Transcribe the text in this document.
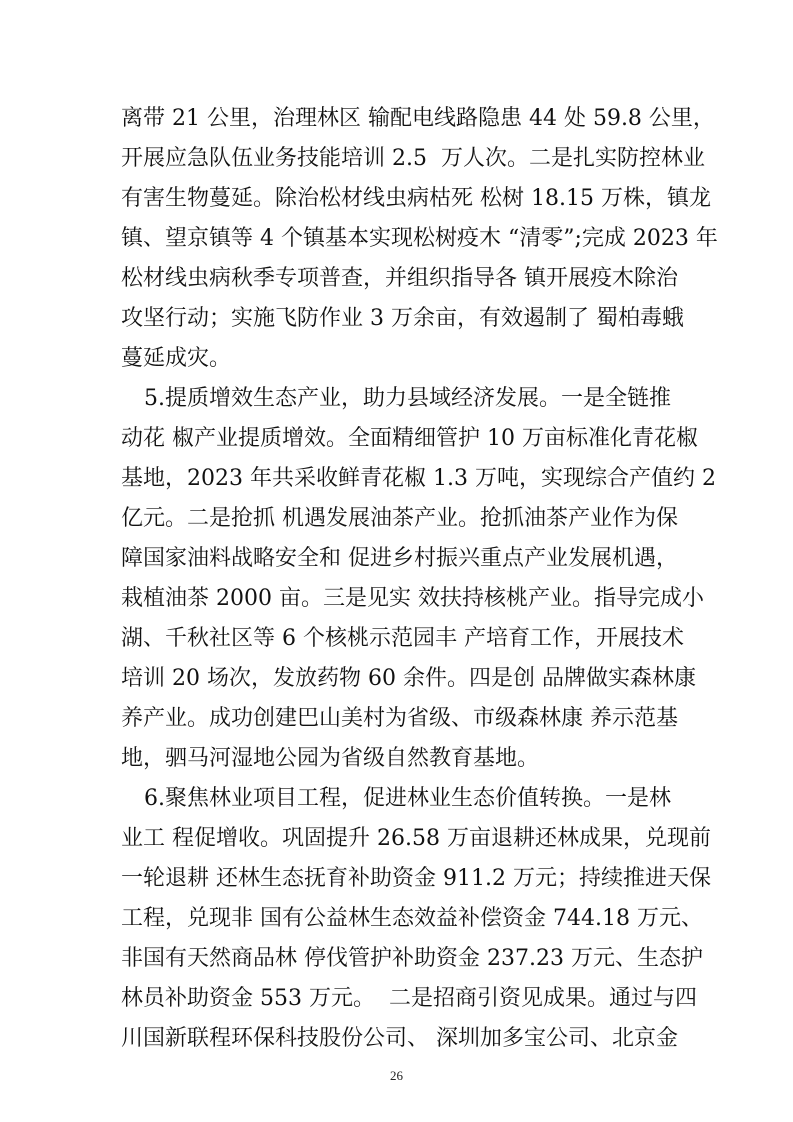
离带 21 公里，治理林区 输配电线路隐患 44 处 59.8 公里，
开展应急队伍业务技能培训 2.5  万人次。二是扎实防控林业
有害生物蔓延。除治松材线虫病枯死 松树 18.15 万株，镇龙
镇、望京镇等 4 个镇基本实现松树疫木 “清零”;完成 2023 年
松材线虫病秋季专项普查，并组织指导各 镇开展疫木除治
攻坚行动；实施飞防作业 3 万余亩，有效遏制了 蜀柏毒蛾
蔓延成灾。
5.提质增效生态产业，助力县域经济发展。一是全链推
动花 椒产业提质增效。全面精细管护 10 万亩标准化青花椒
基地，2023 年共采收鲜青花椒 1.3 万吨，实现综合产值约 2
亿元。二是抢抓 机遇发展油茶产业。抢抓油茶产业作为保
障国家油料战略安全和 促进乡村振兴重点产业发展机遇，
栽植油茶 2000 亩。三是见实 效扶持核桃产业。指导完成小
湖、千秋社区等 6 个核桃示范园丰 产培育工作，开展技术
培训 20 场次，发放药物 60 余件。四是创 品牌做实森林康
养产业。成功创建巴山美村为省级、市级森林康 养示范基
地，驷马河湿地公园为省级自然教育基地。
6.聚焦林业项目工程，促进林业生态价值转换。一是林
业工 程促增收。巩固提升 26.58 万亩退耕还林成果，兑现前
一轮退耕 还林生态抚育补助资金 911.2 万元；持续推进天保
工程，兑现非 国有公益林生态效益补偿资金 744.18 万元、
非国有天然商品林 停伐管护补助资金 237.23 万元、生态护
林员补助资金 553 万元。  二是招商引资见成果。通过与四
川国新联程环保科技股份公司、 深圳加多宝公司、北京金
26
